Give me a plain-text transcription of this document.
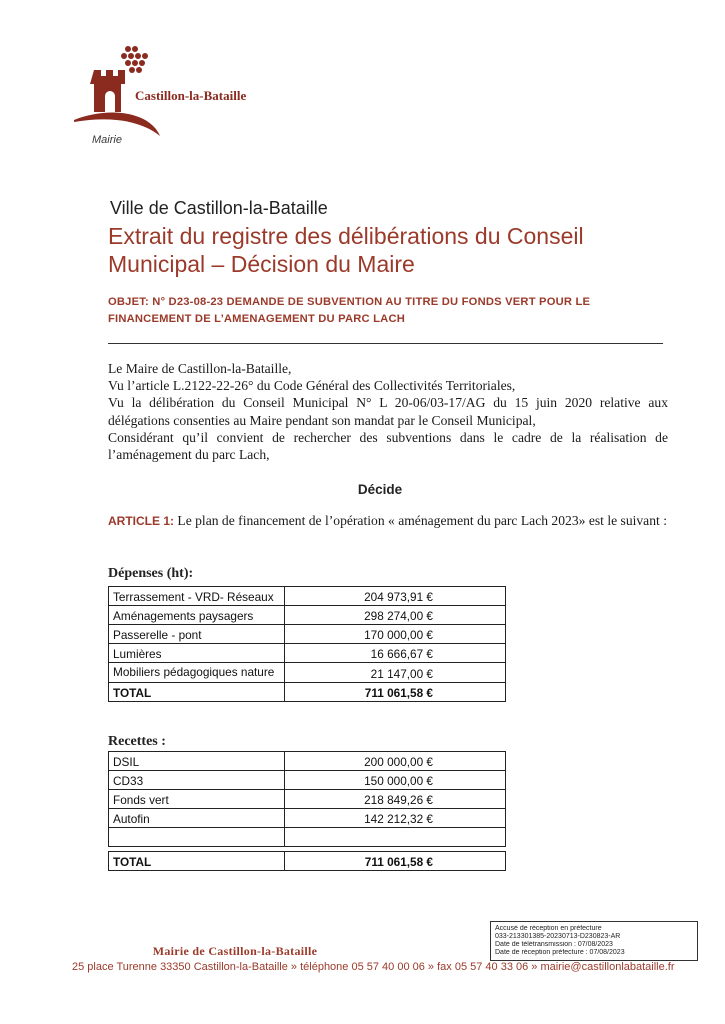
Castillon-la-Bataille
Mairie
Ville de Castillon-la-Bataille
Extrait du registre des délibérations du Conseil
Municipal – Décision du Maire
OBJET: N° D23-08-23 DEMANDE DE SUBVENTION AU TITRE DU FONDS VERT POUR LE
FINANCEMENT DE L’AMENAGEMENT DU PARC LACH

Le Maire de Castillon-la-Bataille,

Vu l’article L.2122-22-26° du Code Général des Collectivités Territoriales,

Vu la délibération du Conseil Municipal N° L 20-06/03-17/AG du 15 juin 2020 relative aux délégations consenties au Maire pendant son mandat par le Conseil Municipal,

Considérant qu’il convient de rechercher des subventions dans le cadre de la réalisation de l’aménagement du parc Lach,

Décide
ARTICLE 1: Le plan de financement de l’opération « aménagement du parc Lach 2023» est le suivant :
Dépenses (ht):
Terrassement - VRD- Réseaux	204 973,91 €
Aménagements paysagers	298 274,00 €
Passerelle - pont	170 000,00 €
Lumières	16 666,67 €
Mobiliers pédagogiques nature	21 147,00 €
TOTAL	711 061,58 €
Recettes :
DSIL	200 000,00 €
CD33	150 000,00 €
Fonds vert	218 849,26 €
Autofin	142 212,32 €

TOTAL	711 061,58 €
Mairie de Castillon-la-Bataille
25 place Turenne 33350 Castillon-la-Bataille » téléphone 05 57 40 00 06 » fax 05 57 40 33 06 » mairie@castillonlabataille.fr
Accusé de réception en préfecture
033-213301385-20230713-D230823-AR
Date de télétransmission : 07/08/2023
Date de réception préfecture : 07/08/2023
